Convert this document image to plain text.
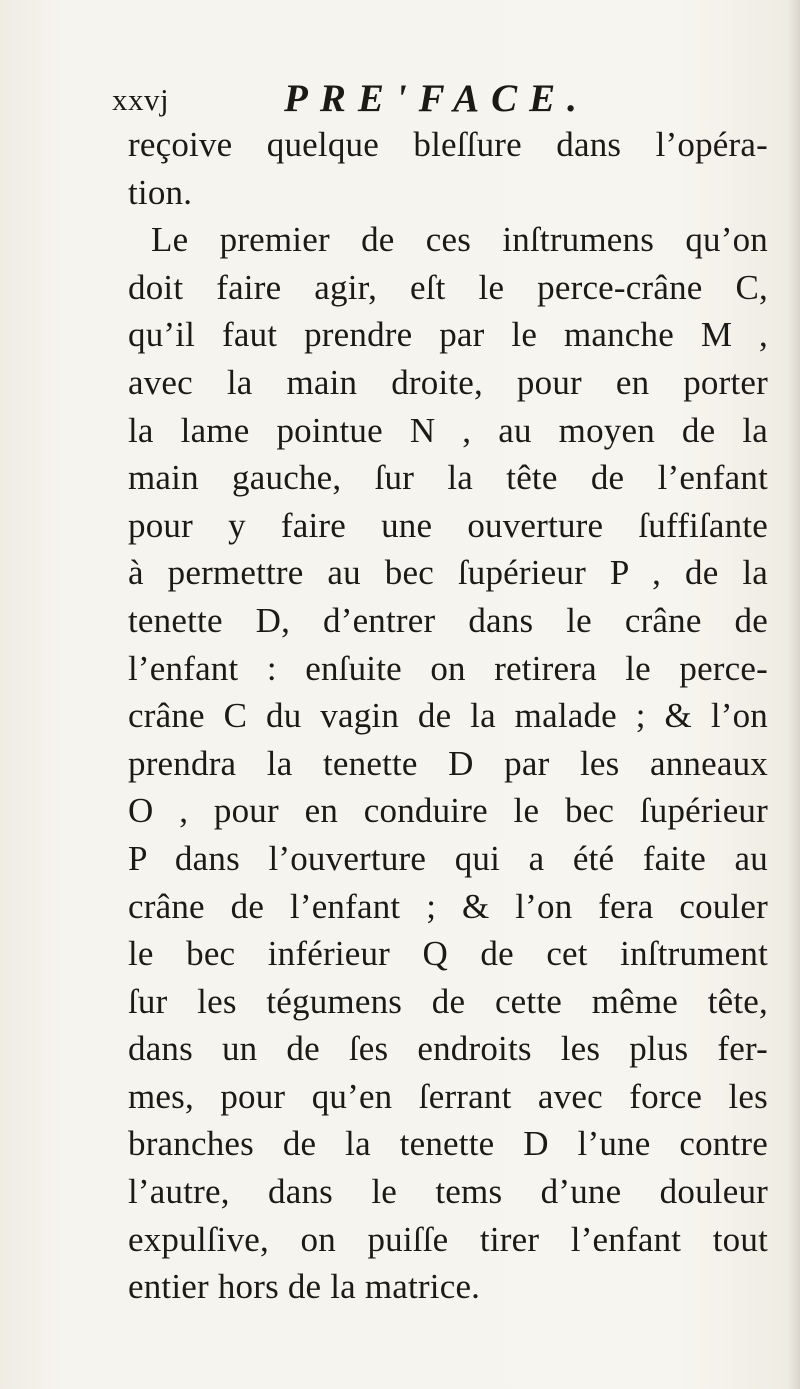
xxvj	PRE'FACE.
reçoive quelque bleſſure dans l’opéra-
tion.
Le premier de ces inſtrumens qu’on
doit faire agir, eſt le perce-crâne C,
qu’il faut prendre par le manche M ,
avec la main droite, pour en porter
la lame pointue N , au moyen de la
main gauche, ſur la tête de l’enfant
pour y faire une ouverture ſuffiſante
à permettre au bec ſupérieur P , de la
tenette D, d’entrer dans le crâne de
l’enfant : enſuite on retirera le perce-
crâne C du vagin de la malade ; & l’on
prendra la tenette D par les anneaux
O , pour en conduire le bec ſupérieur
P dans l’ouverture qui a été faite au
crâne de l’enfant ; & l’on fera couler
le bec inférieur Q de cet inſtrument
ſur les tégumens de cette même tête,
dans un de ſes endroits les plus fer-
mes, pour qu’en ſerrant avec force les
branches de la tenette D l’une contre
l’autre, dans le tems d’une douleur
expulſive, on puiſſe tirer l’enfant tout
entier hors de la matrice.
